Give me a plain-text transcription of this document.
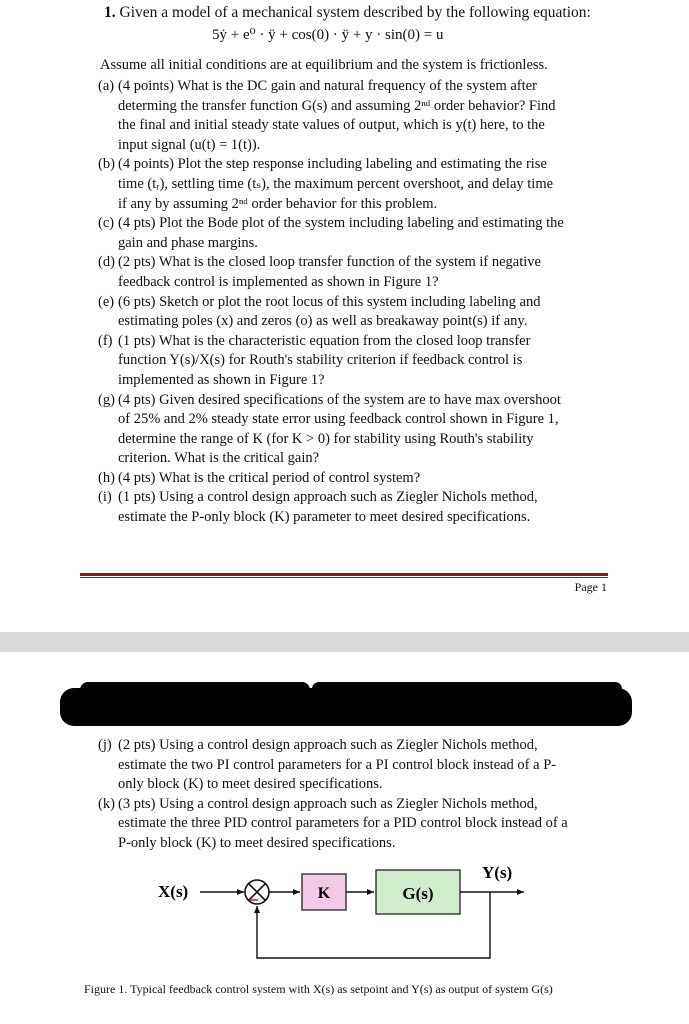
1. Given a model of a mechanical system described by the following equation:
5ẏ + e⁰ · ÿ + cos(0) · ÿ + y · sin(0) = u
Assume all initial conditions are at equilibrium and the system is frictionless.
(a) (4 points) What is the DC gain and natural frequency of the system after
determing the transfer function G(s) and assuming 2ⁿᵈ order behavior? Find
the final and initial steady state values of output, which is y(t) here, to the
input signal (u(t) = 1(t)).
(b) (4 points) Plot the step response including labeling and estimating the rise
time (tᵣ), settling time (tₛ), the maximum percent overshoot, and delay time
if any by assuming 2ⁿᵈ order behavior for this problem.
(c) (4 pts) Plot the Bode plot of the system including labeling and estimating the
gain and phase margins.
(d) (2 pts) What is the closed loop transfer function of the system if negative
feedback control is implemented as shown in Figure 1?
(e) (6 pts) Sketch or plot the root locus of this system including labeling and
estimating poles (x) and zeros (o) as well as breakaway point(s) if any.
(f) (1 pts) What is the characteristic equation from the closed loop transfer
function Y(s)/X(s) for Routh's stability criterion if feedback control is
implemented as shown in Figure 1?
(g) (4 pts) Given desired specifications of the system are to have max overshoot
of 25% and 2% steady state error using feedback control shown in Figure 1,
determine the range of K (for K > 0) for stability using Routh's stability
criterion. What is the critical gain?
(h) (4 pts) What is the critical period of control system?
(i) (1 pts) Using a control design approach such as Ziegler Nichols method,
estimate the P-only block (K) parameter to meet desired specifications.
Page 1
(j) (2 pts) Using a control design approach such as Ziegler Nichols method,
estimate the two PI control parameters for a PI control block instead of a P-
only block (K) to meet desired specifications.
(k) (3 pts) Using a control design approach such as Ziegler Nichols method,
estimate the three PID control parameters for a PID control block instead of a
P-only block (K) to meet desired specifications.
X(s)	K	G(s)
Y(s)
Figure 1. Typical feedback control system with X(s) as setpoint and Y(s) as output of system G(s)
